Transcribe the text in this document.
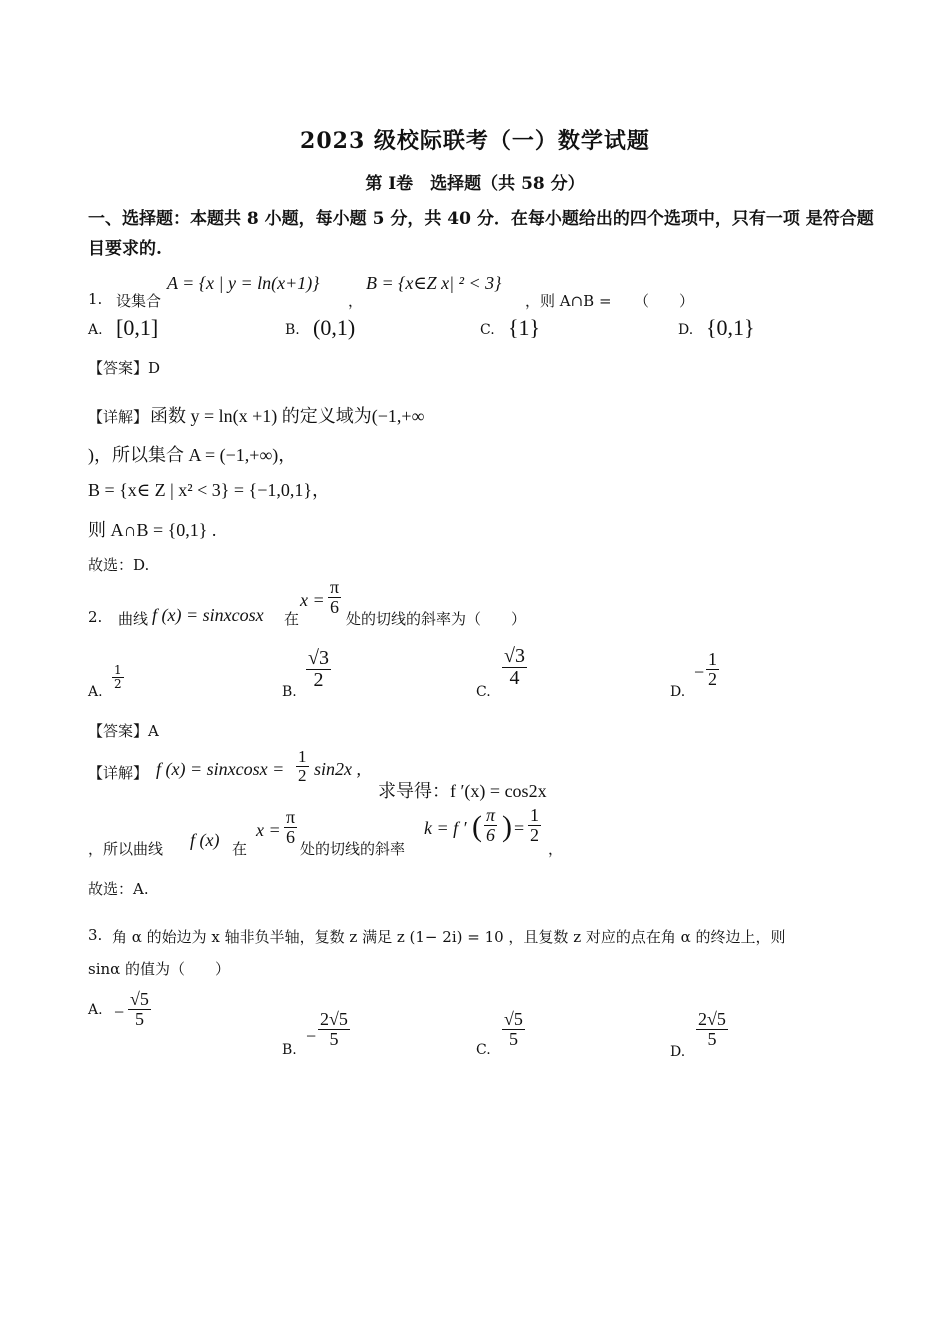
2023 级校际联考（一）数学试题
第 Ⅰ卷　选择题（共 58 分）
一、选择题：本题共 8 小题，每小题 5 分，共 40 分．在每小题给出的四个选项中，只有一项 是符合题目要求的.
1. 设集合
A = {x | y = ln(x+1)}
，
B = {x∈Z x| ² < 3}
，则 A∩B = （　　）
A. [0,1]	B. (0,1)	C. {1}	D. {0,1}
【答案】D
【详解】 函数 y = ln(x +1) 的定义域为(−1,+∞
)，所以集合 A = (−1,+∞)，
B = {x∈ Z | x² < 3} = {−1,0,1}，
则 A∩B = {0,1} .
故选：D.
2. 曲线 f (x) = sinxcosx 在
$x = \frac{\pi}{6}$
处的切线的斜率为（　　）
A.
$\frac{1}{2}$
B.
$\frac{√3}{2}$
C.
$\frac{√3}{4}$
D.
− $\frac{1}{2}$
【答案】A
【详解】 f (x) = sinxcosx = $\frac{1}{2} \sin 2x$ ,
求导得：f ′(x) = cos2x
，所以曲线 f (x) 在
$x = \frac{\pi}{6}$
处的切线的斜率
k = f ′ ( $\frac{\pi}{6}$ ) = $\frac{1}{2}$
，
故选：A.
3. 角 α 的始边为 x 轴非负半轴，复数 z 满足 z (1− 2i) = 10 ，且复数 z 对应的点在角 α 的终边上，则
sinα 的值为（　　）
A. − $\frac{√5}{5}$
B.
− $\frac{2√5}{5}$
C.
$\frac{√5}{5}$
D.
$\frac{2√5}{5}$
